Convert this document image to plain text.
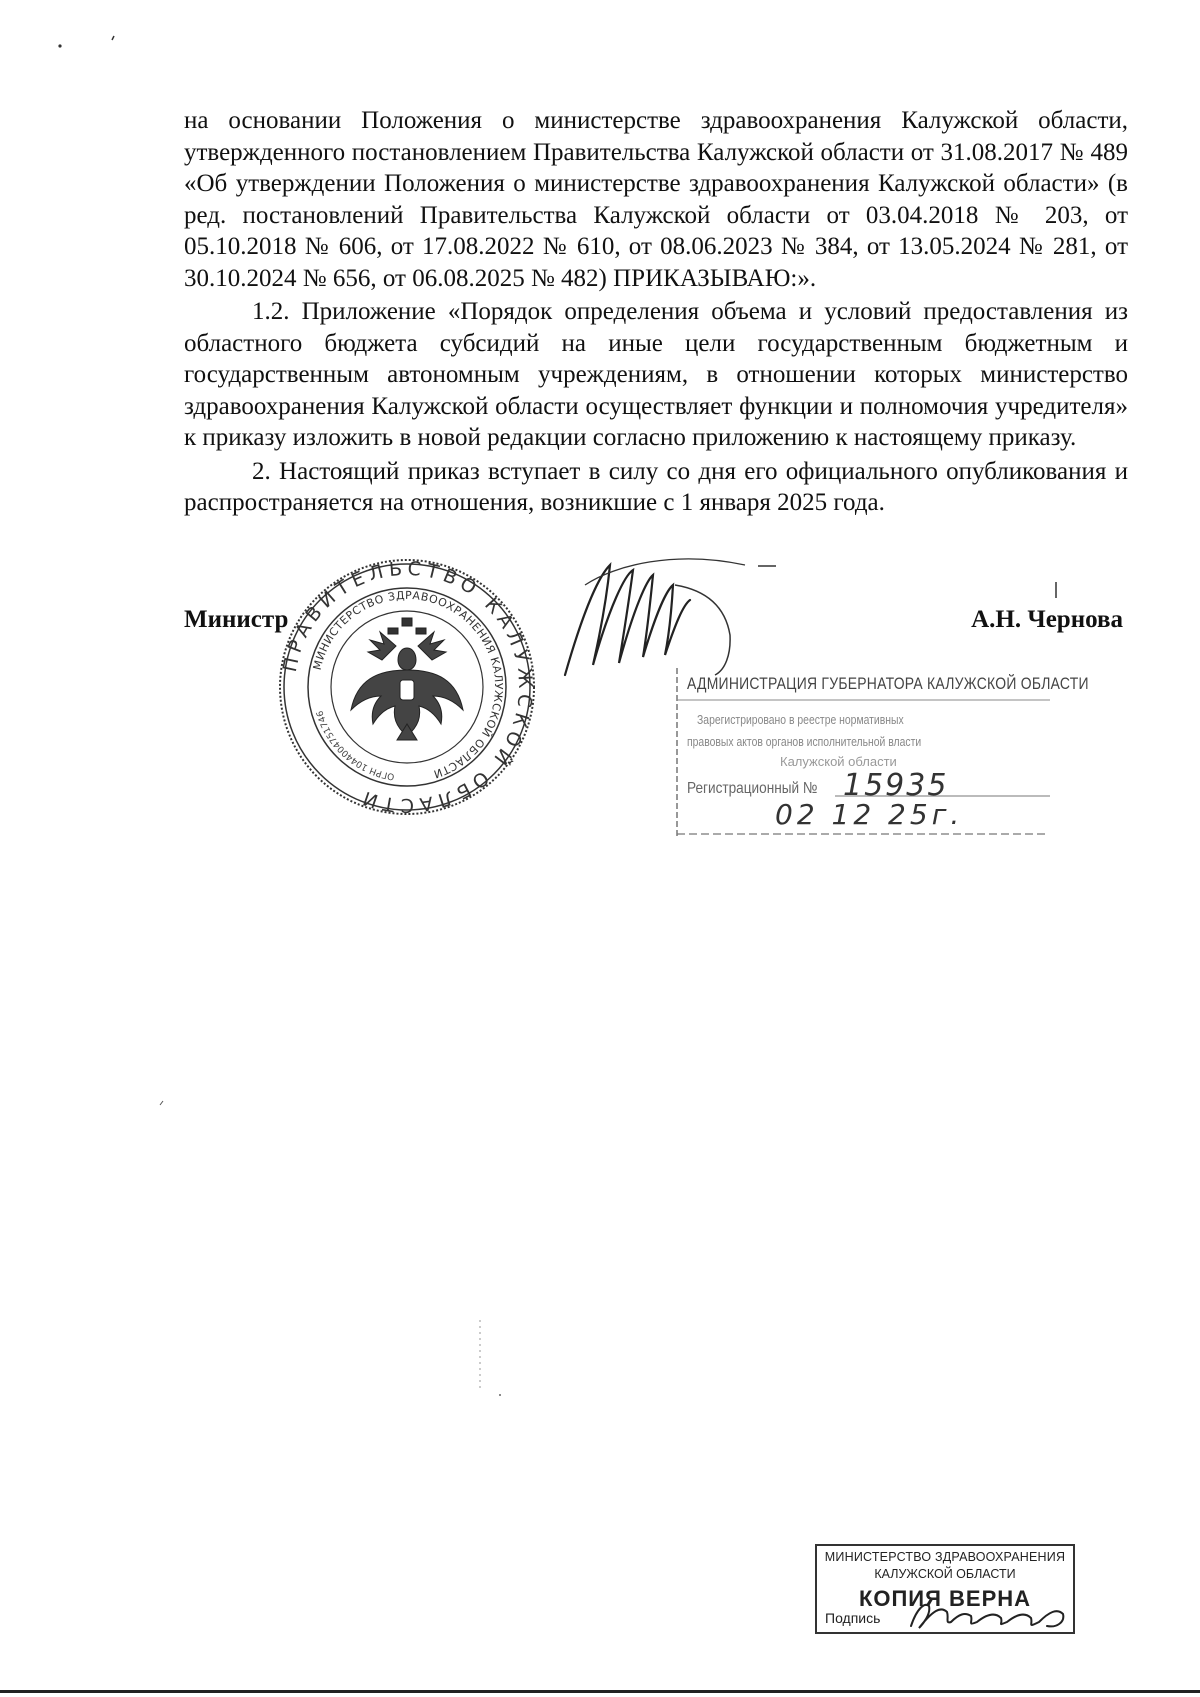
на основании Положения о министерстве здравоохранения Калужской области, утвержденного постановлением Правительства Калужской области от 31.08.2017 № 489 «Об утверждении Положения о министерстве здравоохранения Калужской области» (в ред. постановлений Правительства Калужской области от 03.04.2018 № 203, от 05.10.2018 № 606, от 17.08.2022 № 610, от 08.06.2023 № 384, от 13.05.2024 № 281, от 30.10.2024 № 656, от 06.08.2025 № 482) ПРИКАЗЫВАЮ:».

1.2. Приложение «Порядок определения объема и условий предоставления из областного бюджета субсидий на иные цели государственным бюджетным и государственным автономным учреждениям, в отношении которых министерство здравоохранения Калужской области осуществляет функции и полномочия учредителя» к приказу изложить в новой редакции согласно приложению к настоящему приказу.

2. Настоящий приказ вступает в силу со дня его официального опубликования и распространяется на отношения, возникшие с 1 января 2025 года.

ПРАВИТЕЛЬСТВО КАЛУЖСКОЙ ОБЛАСТИ
МИНИСТЕРСТВО ЗДРАВООХРАНЕНИЯ КАЛУЖСКОЙ ОБЛАСТИ
ОГРН 1044004751746
Министр	А.Н. Чернова
АДМИНИСТРАЦИЯ ГУБЕРНАТОРА КАЛУЖСКОЙ ОБЛАСТИ
Зарегистрировано в реестре нормативных
правовых актов органов исполнительной власти
Калужской области
Регистрационный № 15935
02 12 25г.
МИНИСТЕРСТВО ЗДРАВООХРАНЕНИЯ
КАЛУЖСКОЙ ОБЛАСТИ
КОПИЯ ВЕРНА
Подпись
